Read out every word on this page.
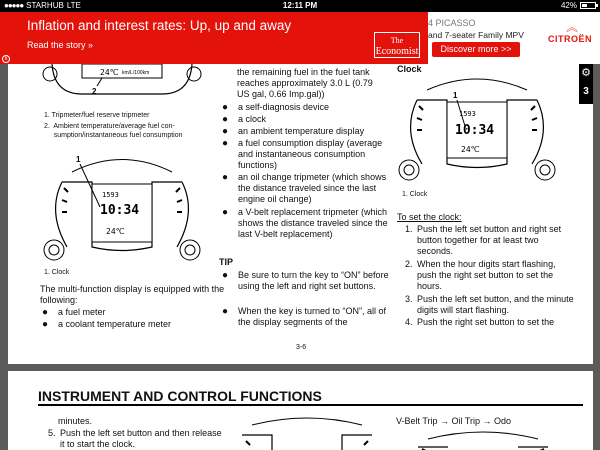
●●●●● STARHUB LTE	12:11 PM	42%
Inflation and interest rates: Up, up and away
Read the story »	The
Economist
x
4 PICASSO
and 7-seater Family MPV
Discover more >>
︽
CITROËN
24℃ km/L/100km
2
1. Tripmeter/fuel reserve tripmeter
2.  Ambient temperature/average fuel con-
sumption/instantaneous fuel consumption
1593
10:34
24℃
1
1. Clock
The multi-function display is equipped with the following:
●	a fuel meter
●	a coolant temperature meter
the remaining fuel in the fuel tank reaches approximately 3.0 L (0.79 US gal, 0.66 Imp.gal))
●	a self-diagnosis device
●	a clock
●	an ambient temperature display
●	a fuel consumption display (average and instantaneous consumption functions)
●	an oil change tripmeter (which shows the distance traveled since the last engine oil change)
●	a V-belt replacement tripmeter (which shows the distance traveled since the last V-belt replacement)
TIP
●	Be sure to turn the key to “ON” before using the left and right set buttons.
●	When the key is turned to “ON”, all of the display segments of the
Clock
1593
10:34
24℃
1
1. Clock
To set the clock:
1. Push the left set button and right set button together for at least two seconds.
2. When the hour digits start flashing, push the right set button to set the hours.
3. Push the left set button, and the minute digits will start flashing.
4. Push the right set button to set the
3-6
⚙
3
INSTRUMENT AND CONTROL FUNCTIONS
minutes.
5. Push the left set button and then release it to start the clock.
V-Belt Trip → Oil Trip → Odo
